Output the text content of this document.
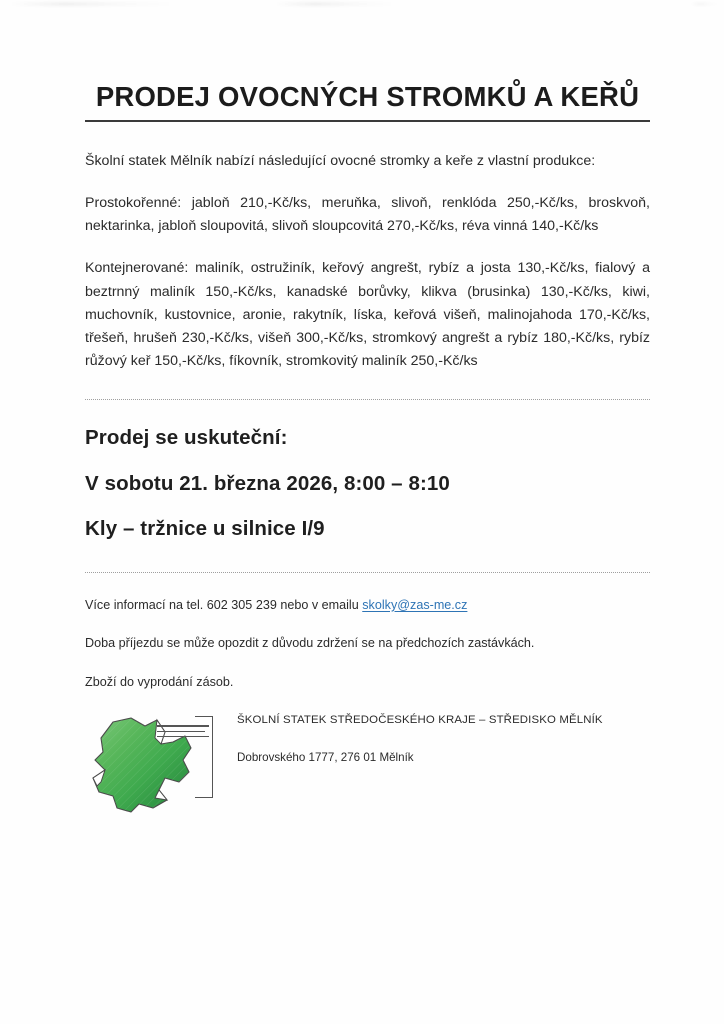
PRODEJ OVOCNÝCH STROMKŮ A KEŘŮ

Školní statek Mělník nabízí následující ovocné stromky a keře z vlastní produkce:

Prostokořenné: jabloň 210,-Kč/ks, meruňka, slivoň, renklóda 250,-Kč/ks, broskvoň, nektarinka, jabloň sloupovitá, slivoň sloupcovitá 270,-Kč/ks, réva vinná 140,-Kč/ks

Kontejnerované: maliník, ostružiník, keřový angrešt, rybíz a josta 130,-Kč/ks, fialový a beztrnný maliník 150,-Kč/ks, kanadské borůvky, klikva (brusinka) 130,-Kč/ks, kiwi, muchovník, kustovnice, aronie, rakytník, líska, keřová višeň, malinojahoda 170,-Kč/ks, třešeň, hrušeň 230,-Kč/ks, višeň 300,-Kč/ks, stromkový angrešt a rybíz 180,-Kč/ks, rybíz růžový keř 150,-Kč/ks, fíkovník, stromkovitý maliník 250,-Kč/ks

Prodej se uskuteční:

V sobotu 21. března 2026, 8:00 – 8:10

Kly – tržnice u silnice I/9

Více informací na tel. 602 305 239 nebo v emailu skolky@zas-me.cz

Doba příjezdu se může opozdit z důvodu zdržení se na předchozích zastávkách.

Zboží do vyprodání zásob.

ŠKOLNÍ STATEK STŘEDOČESKÉHO KRAJE – STŘEDISKO MĚLNÍK

Dobrovského 1777, 276 01 Mělník
